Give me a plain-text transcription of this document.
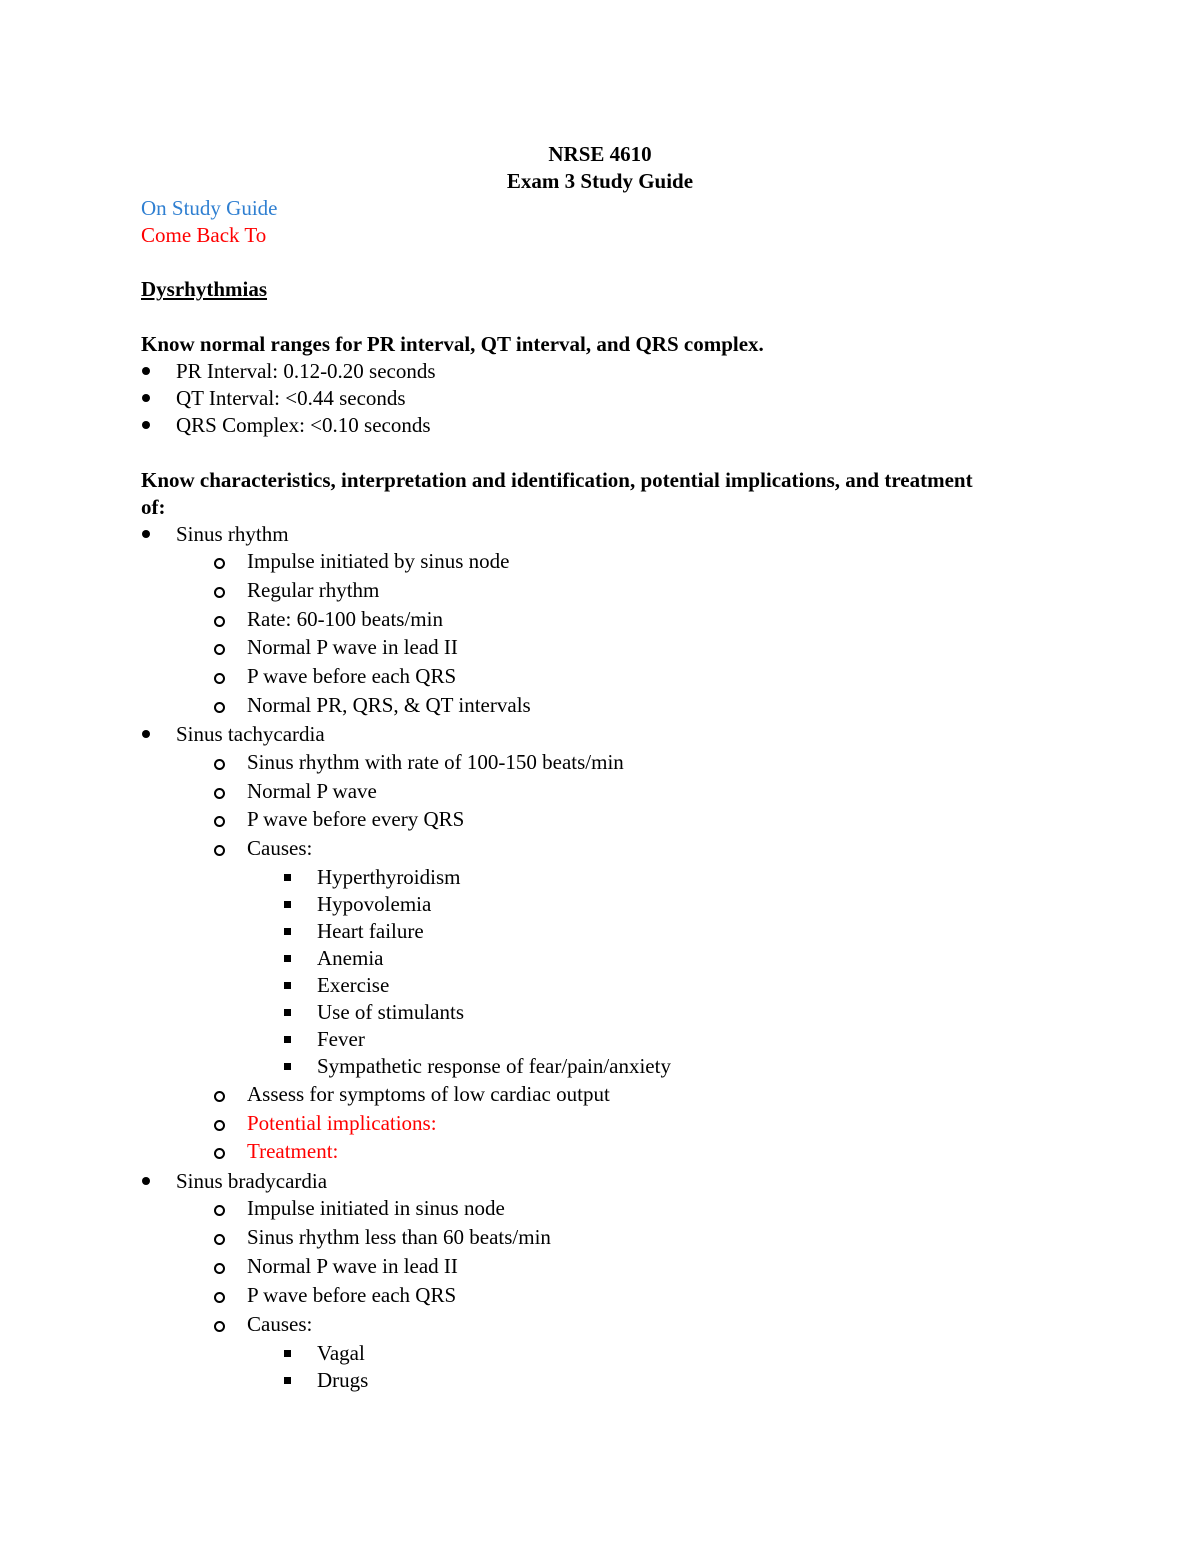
NRSE 4610
Exam 3 Study Guide
On Study Guide
Come Back To
Dysrhythmias
Know normal ranges for PR interval, QT interval, and QRS complex.
PR Interval: 0.12-0.20 seconds
QT Interval: <0.44 seconds
QRS Complex: <0.10 seconds
Know characteristics, interpretation and identification, potential implications, and treatment of:
Sinus rhythm
Impulse initiated by sinus node
Regular rhythm
Rate: 60-100 beats/min
Normal P wave in lead II
P wave before each QRS
Normal PR, QRS, & QT intervals
Sinus tachycardia
Sinus rhythm with rate of 100-150 beats/min
Normal P wave
P wave before every QRS
Causes:
Hyperthyroidism
Hypovolemia
Heart failure
Anemia
Exercise
Use of stimulants
Fever
Sympathetic response of fear/pain/anxiety
Assess for symptoms of low cardiac output
Potential implications:
Treatment:
Sinus bradycardia
Impulse initiated in sinus node
Sinus rhythm less than 60 beats/min
Normal P wave in lead II
P wave before each QRS
Causes:
Vagal
Drugs
